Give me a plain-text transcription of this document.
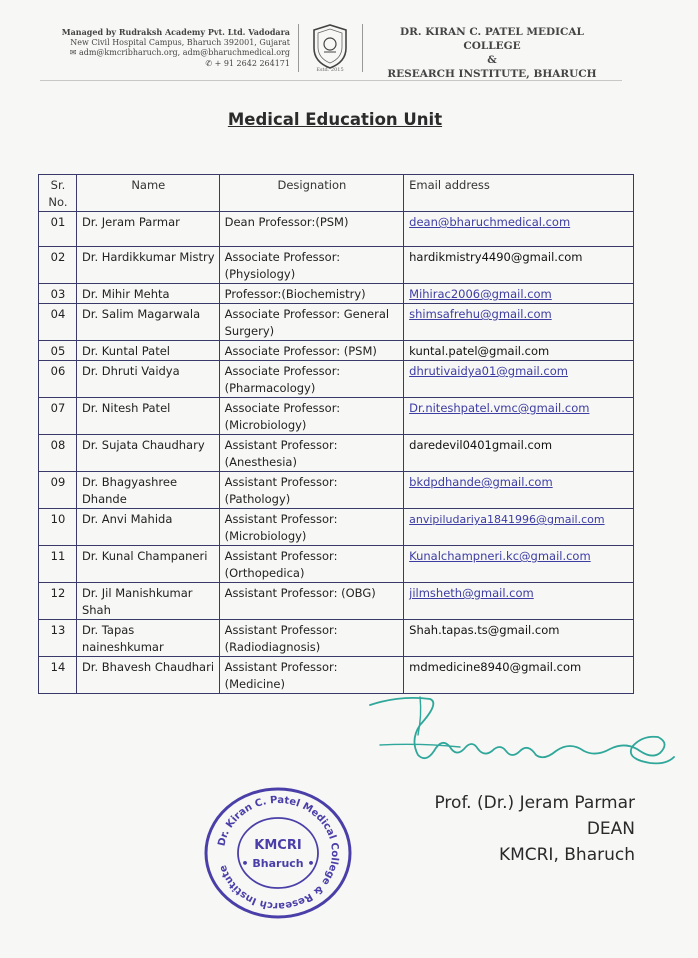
Managed by Rudraksh Academy Pvt. Ltd. Vadodara
New Civil Hospital Campus, Bharuch 392001, Gujarat
✉ adm@kmcribharuch.org, adm@bharuchmedical.org
✆ + 91 2642 264171
Estd. 2015
DR. KIRAN C. PATEL MEDICAL COLLEGE
&
RESEARCH INSTITUTE, BHARUCH
Medical Education Unit
Sr. No.	Name	Designation	Email address
01	Dr. Jeram Parmar	Dean Professor:(PSM)	dean@bharuchmedical.com
02	Dr. Hardikkumar Mistry	Associate Professor:(Physiology)	hardikmistry4490@gmail.com
03	Dr. Mihir Mehta	Professor:(Biochemistry)	Mihirac2006@gmail.com
04	Dr. Salim Magarwala	Associate Professor: General Surgery)	shimsafrehu@gmail.com
05	Dr. Kuntal Patel	Associate Professor: (PSM)	kuntal.patel@gmail.com
06	Dr. Dhruti Vaidya	Associate Professor: (Pharmacology)	dhrutivaidya01@gmail.com
07	Dr. Nitesh Patel	Associate Professor: (Microbiology)	Dr.niteshpatel.vmc@gmail.com
08	Dr. Sujata Chaudhary	Assistant Professor: (Anesthesia)	daredevil0401gmail.com
09	Dr. Bhagyashree Dhande	Assistant Professor: (Pathology)	bkdpdhande@gmail.com
10	Dr. Anvi Mahida	Assistant Professor: (Microbiology)	anvipiludariya1841996@gmail.com
11	Dr. Kunal Champaneri	Assistant Professor: (Orthopedica)	Kunalchampneri.kc@gmail.com
12	Dr. Jil Manishkumar Shah	Assistant Professor: (OBG)	jilmsheth@gmail.com
13	Dr. Tapas naineshkumar	Assistant Professor: (Radiodiagnosis)	Shah.tapas.ts@gmail.com
14	Dr. Bhavesh Chaudhari	Assistant Professor: (Medicine)	mdmedicine8940@gmail.com
Prof. (Dr.) Jeram Parmar
DEAN
KMCRI, Bharuch
Dr. Kiran C. Patel Medical College & Research Institute
KMCRI
• Bharuch •
